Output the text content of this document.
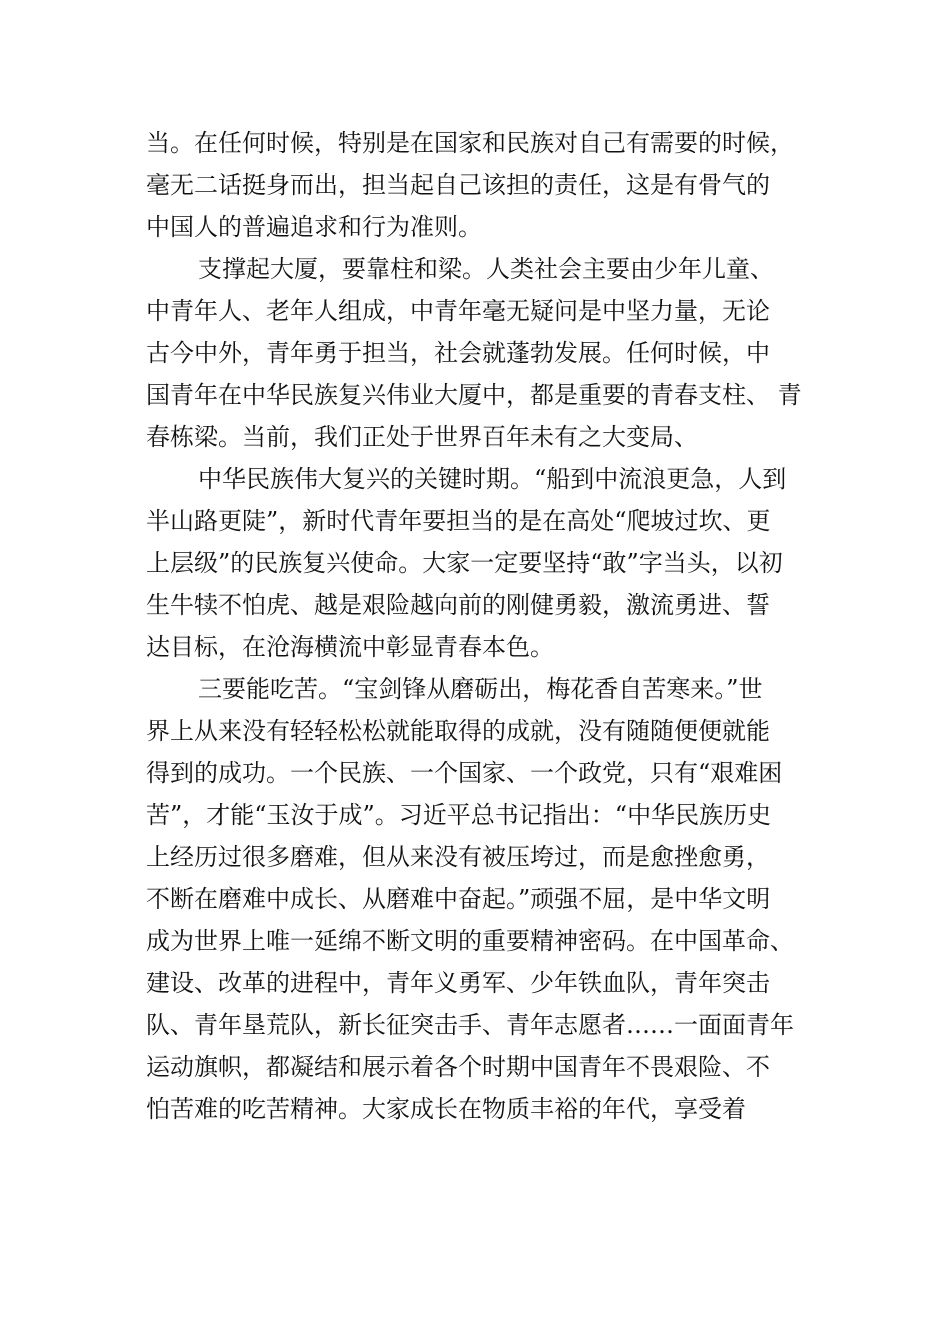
当。在任何时候，特别是在国家和民族对自己有需要的时候，
毫无二话挺身而出，担当起自己该担的责任，这是有骨气的
中国人的普遍追求和行为准则。
支撑起大厦，要靠柱和梁。人类社会主要由少年儿童、
中青年人、老年人组成，中青年毫无疑问是中坚力量，无论
古今中外，青年勇于担当，社会就蓬勃发展。任何时候，中
国青年在中华民族复兴伟业大厦中，都是重要的青春支柱、 青
春栋梁。当前，我们正处于世界百年未有之大变局、
中华民族伟大复兴的关键时期。“船到中流浪更急，人到
半山路更陡”，新时代青年要担当的是在高处“爬坡过坎、更
上层级”的民族复兴使命。大家一定要坚持“敢”字当头，以初
生牛犊不怕虎、越是艰险越向前的刚健勇毅，激流勇进、誓
达目标，在沧海横流中彰显青春本色。
三要能吃苦。“宝剑锋从磨砺出，梅花香自苦寒来。”世
界上从来没有轻轻松松就能取得的成就，没有随随便便就能
得到的成功。一个民族、一个国家、一个政党，只有“艰难困
苦”，才能“玉汝于成”。习近平总书记指出：“中华民族历史
上经历过很多磨难，但从来没有被压垮过，而是愈挫愈勇，
不断在磨难中成长、从磨难中奋起。”顽强不屈，是中华文明
成为世界上唯一延绵不断文明的重要精神密码。在中国革命、
建设、改革的进程中，青年义勇军、少年铁血队，青年突击
队、青年垦荒队，新长征突击手、青年志愿者……一面面青年
运动旗帜，都凝结和展示着各个时期中国青年不畏艰险、不
怕苦难的吃苦精神。大家成长在物质丰裕的年代，享受着
